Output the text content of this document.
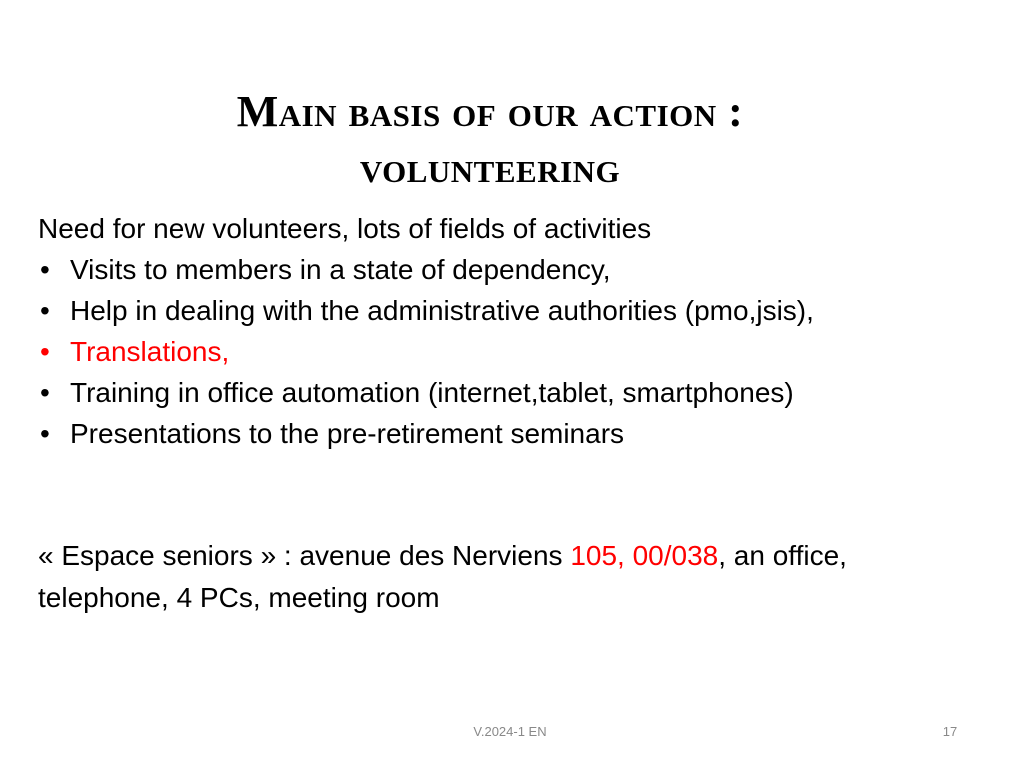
Main basis of our action :
volunteering

Need for new volunteers, lots of fields of activities

• Visits to members in a state of dependency,
• Help in dealing with the administrative authorities (pmo,jsis),
• Translations,
• Training in office automation (internet,tablet, smartphones)
• Presentations to the pre-retirement seminars
« Espace seniors » : avenue des Nerviens 105, 00/038, an office,
telephone, 4 PCs, meeting room
V.2024-1 EN	17
